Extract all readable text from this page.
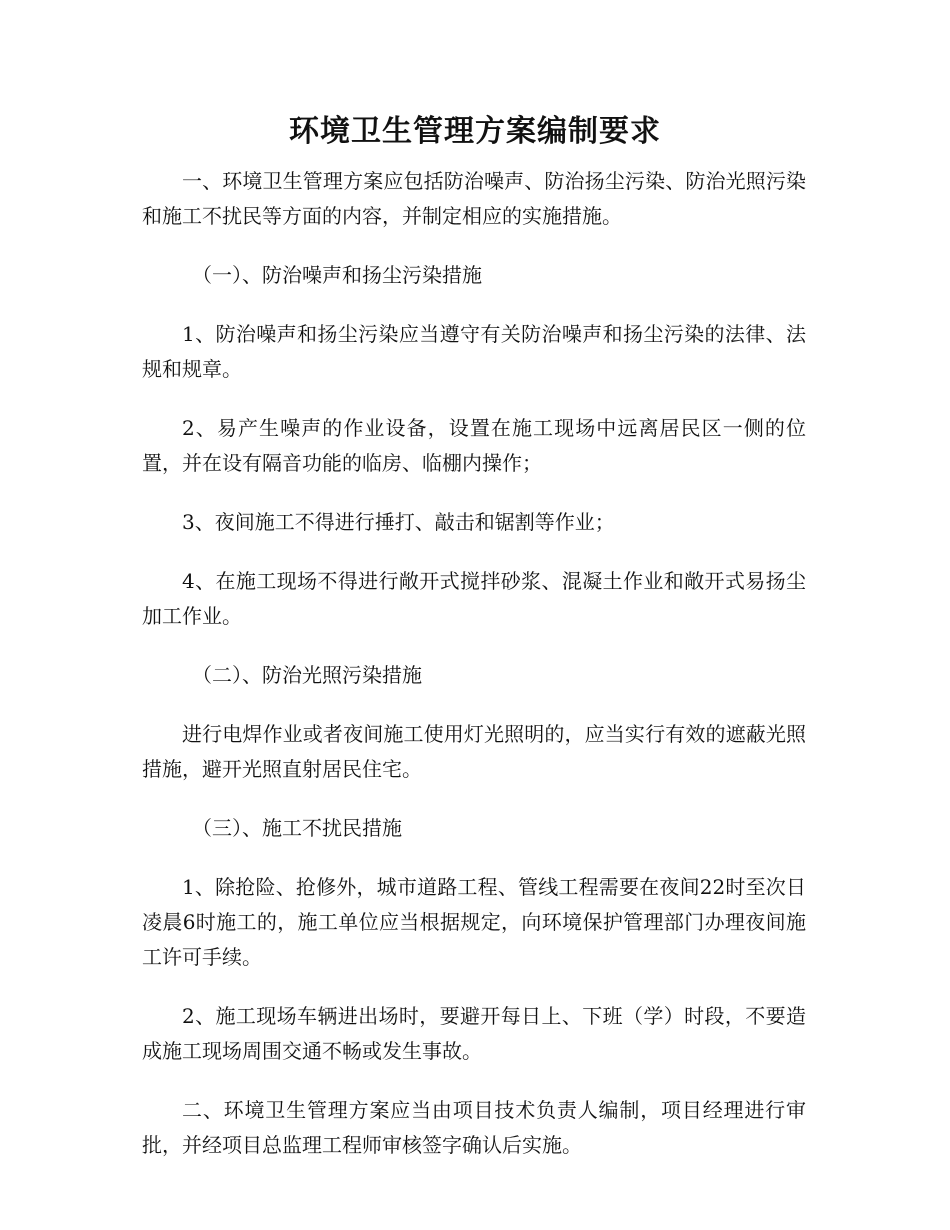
环境卫生管理方案编制要求

一、环境卫生管理方案应包括防治噪声、防治扬尘污染、防治光照污染和施工不扰民等方面的内容，并制定相应的实施措施。

（一）、防治噪声和扬尘污染措施

1、防治噪声和扬尘污染应当遵守有关防治噪声和扬尘污染的法律、法规和规章。

2、易产生噪声的作业设备，设置在施工现场中远离居民区一侧的位置，并在设有隔音功能的临房、临棚内操作；

3、夜间施工不得进行捶打、敲击和锯割等作业；

4、在施工现场不得进行敞开式搅拌砂浆、混凝土作业和敞开式易扬尘加工作业。

（二）、防治光照污染措施

进行电焊作业或者夜间施工使用灯光照明的，应当实行有效的遮蔽光照措施，避开光照直射居民住宅。

（三）、施工不扰民措施

1、除抢险、抢修外，城市道路工程、管线工程需要在夜间22时至次日凌晨6时施工的，施工单位应当根据规定，向环境保护管理部门办理夜间施工许可手续。

2、施工现场车辆进出场时，要避开每日上、下班（学）时段，不要造成施工现场周围交通不畅或发生事故。

二、环境卫生管理方案应当由项目技术负责人编制，项目经理进行审批，并经项目总监理工程师审核签字确认后实施。
